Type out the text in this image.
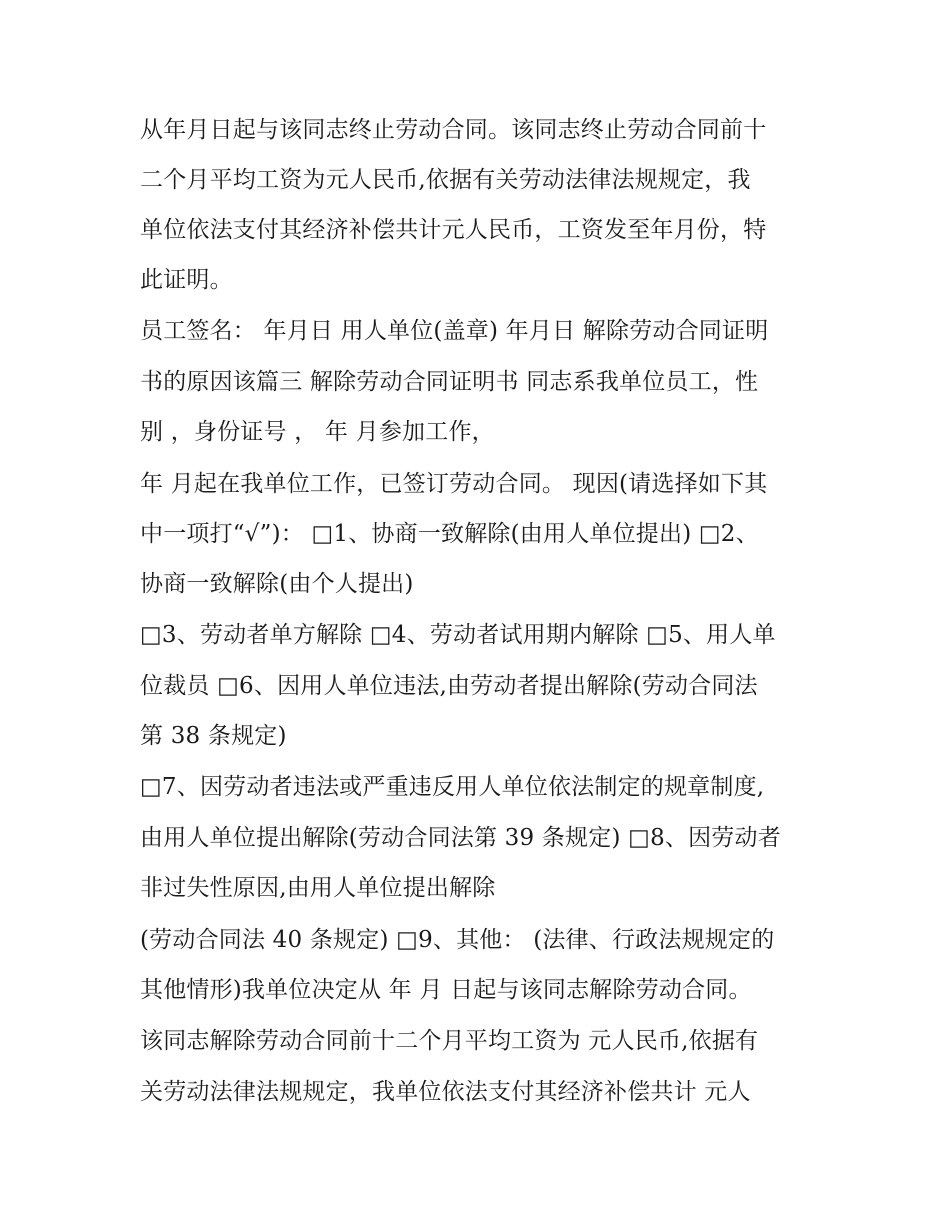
从年月日起与该同志终止劳动合同。该同志终止劳动合同前十
二个月平均工资为元人民币,依据有关劳动法律法规规定，我
单位依法支付其经济补偿共计元人民币，工资发至年月份，特
此证明。
员工签名： 年月日 用人单位(盖章) 年月日 解除劳动合同证明
书的原因该篇三 解除劳动合同证明书 同志系我单位员工，性
别 ，身份证号 ， 年 月参加工作，
年 月起在我单位工作，已签订劳动合同。 现因(请选择如下其
中一项打“√”)： □1、协商一致解除(由用人单位提出) □2、
协商一致解除(由个人提出)
□3、劳动者单方解除 □4、劳动者试用期内解除 □5、用人单
位裁员 □6、因用人单位违法,由劳动者提出解除(劳动合同法
第 38 条规定)
□7、因劳动者违法或严重违反用人单位依法制定的规章制度,
由用人单位提出解除(劳动合同法第 39 条规定) □8、因劳动者
非过失性原因,由用人单位提出解除
(劳动合同法 40 条规定) □9、其他： (法律、行政法规规定的
其他情形)我单位决定从 年 月 日起与该同志解除劳动合同。
该同志解除劳动合同前十二个月平均工资为 元人民币,依据有
关劳动法律法规规定，我单位依法支付其经济补偿共计 元人
